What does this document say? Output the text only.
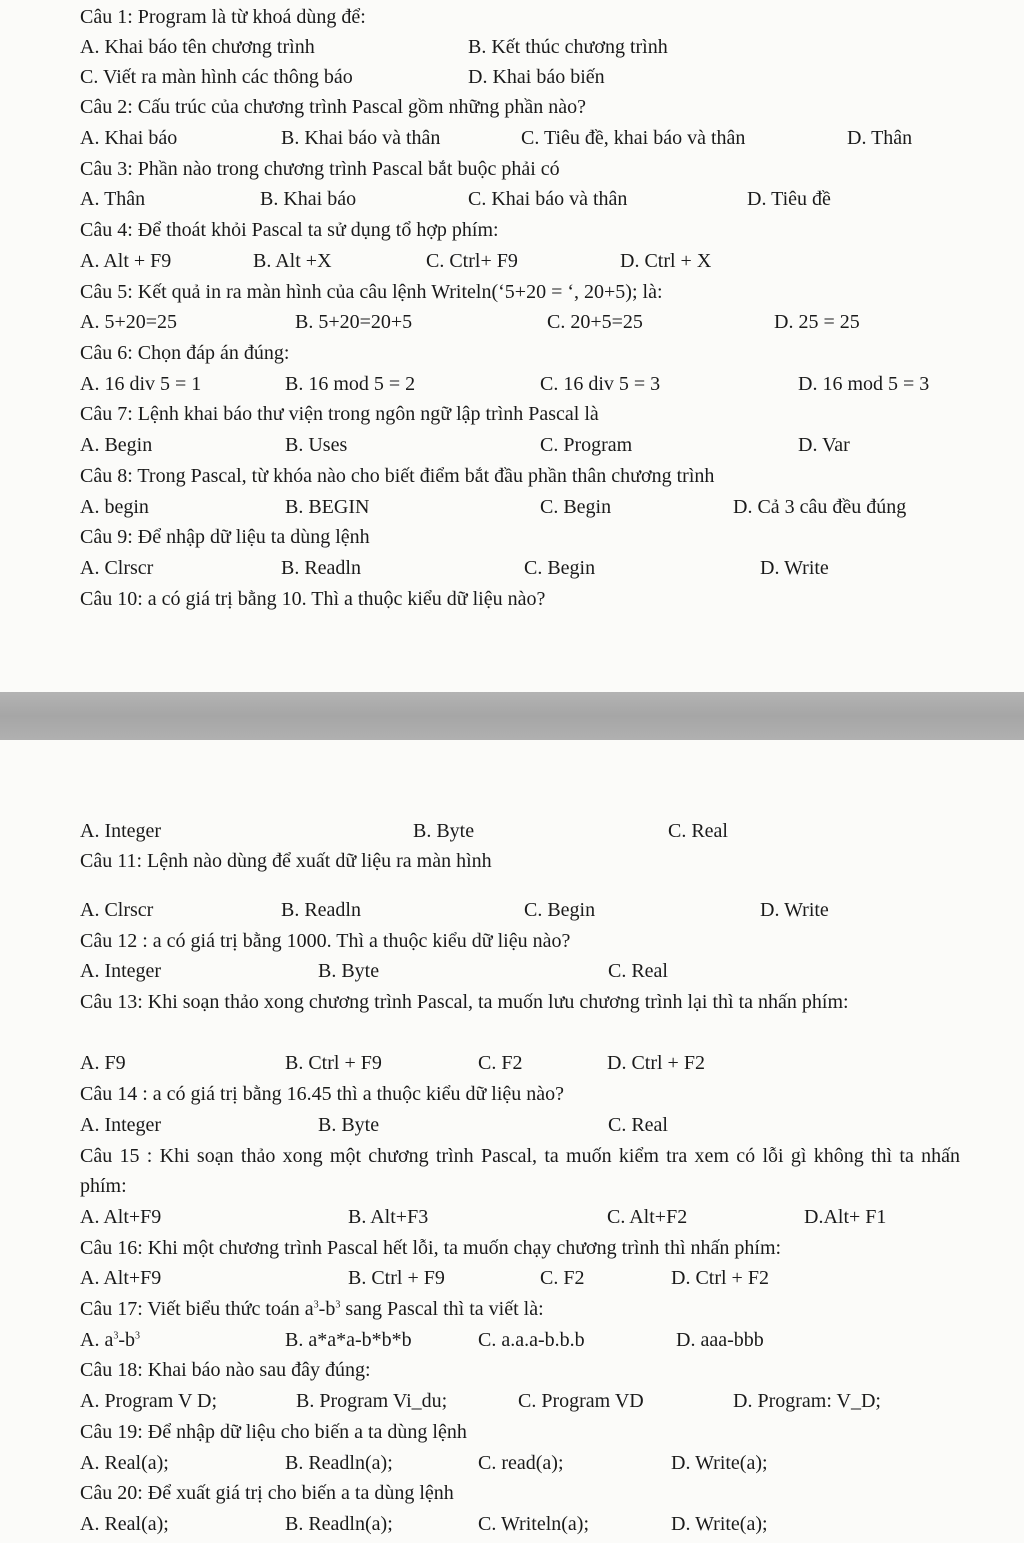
Câu 1: Program là từ khoá dùng để:
A. Khai báo tên chương trình	B. Kết thúc chương trình
C. Viết ra màn hình các thông báo	D. Khai báo biến
Câu 2: Cấu trúc của chương trình Pascal gồm những phần nào?
A. Khai báo	B. Khai báo và thân	C. Tiêu đề, khai báo và thân	D. Thân
Câu 3: Phần nào trong chương trình Pascal bắt buộc phải có
A. Thân	B. Khai báo	C. Khai báo và thân	D. Tiêu đề
Câu 4: Để thoát khỏi Pascal ta sử dụng tổ hợp phím:
A. Alt + F9	B. Alt +X	C. Ctrl+ F9	D. Ctrl + X
Câu 5: Kết quả in ra màn hình của câu lệnh Writeln(‘5+20 = ‘, 20+5); là:
A. 5+20=25	B. 5+20=20+5	C. 20+5=25	D. 25 = 25
Câu 6: Chọn đáp án đúng:
A. 16 div 5 = 1	B. 16 mod 5 = 2	C. 16 div 5 = 3	D. 16 mod 5 = 3
Câu 7: Lệnh khai báo thư viện trong ngôn ngữ lập trình Pascal là
A. Begin	B. Uses	C. Program	D. Var
Câu 8: Trong Pascal, từ khóa nào cho biết điểm bắt đầu phần thân chương trình
A. begin	B. BEGIN	C. Begin	D. Cả 3 câu đều đúng
Câu 9: Để nhập dữ liệu ta dùng lệnh
A. Clrscr	B. Readln	C. Begin	D. Write
Câu 10: a có giá trị bằng 10. Thì a thuộc kiểu dữ liệu nào?
A. Integer	B. Byte	C. Real
Câu 11: Lệnh nào dùng để xuất dữ liệu ra màn hình
A. Clrscr	B. Readln	C. Begin	D. Write
Câu 12 : a có giá trị bằng 1000. Thì a thuộc kiểu dữ liệu nào?
A. Integer	B. Byte	C. Real
Câu 13: Khi soạn thảo xong chương trình Pascal, ta muốn lưu chương trình lại thì ta nhấn phím:
A. F9	B. Ctrl + F9	C. F2	D. Ctrl + F2
Câu 14 : a có giá trị bằng 16.45 thì a thuộc kiểu dữ liệu nào?
A. Integer	B. Byte	C. Real
Câu 15 : Khi soạn thảo xong một chương trình Pascal, ta muốn kiểm tra xem có lỗi gì không thì ta nhấn phím:
A. Alt+F9	B. Alt+F3	C. Alt+F2	D.Alt+ F1
Câu 16: Khi một chương trình Pascal hết lỗi, ta muốn chạy chương trình thì nhấn phím:
A. Alt+F9	B. Ctrl + F9	C. F2	D. Ctrl + F2
Câu 17: Viết biểu thức toán $a^3-b^3$ sang Pascal thì ta viết là:
A. $a^3-b^3$	B. a*a*a-b*b*b	C. a.a.a-b.b.b	D. aaa-bbb
Câu 18: Khai báo nào sau đây đúng:
A. Program V D;	B. Program Vi_du;	C. Program VD	D. Program: V_D;
Câu 19: Để nhập dữ liệu cho biến a ta dùng lệnh
A. Real(a);	B. Readln(a);	C. read(a);	D. Write(a);
Câu 20: Để xuất giá trị cho biến a ta dùng lệnh
A. Real(a);	B. Readln(a);	C. Writeln(a);	D. Write(a);
